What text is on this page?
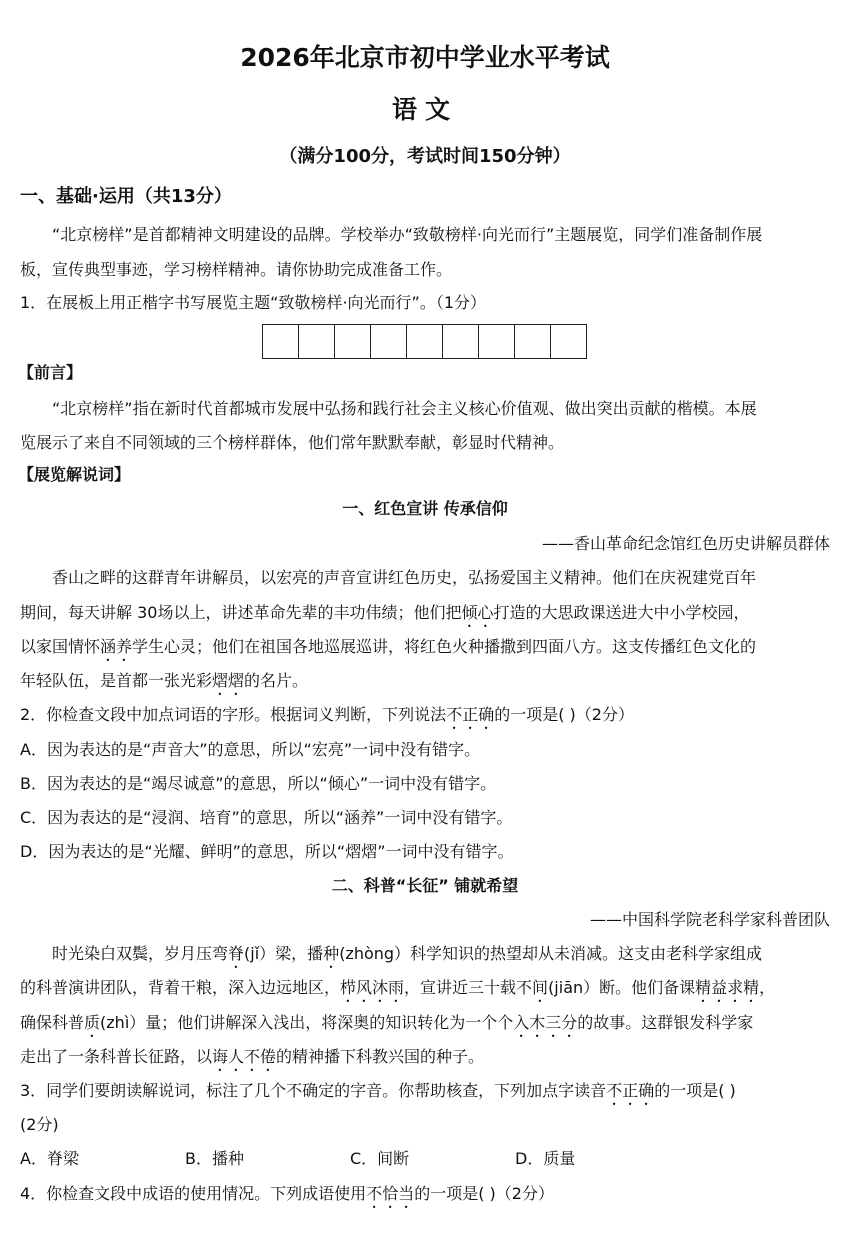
2026年北京市初中学业水平考试
语文
（满分100分，考试时间150分钟）
一、基础·运用（共13分）
“北京榜样”是首都精神文明建设的品牌。学校举办“致敬榜样·向光而行”主题展览，同学们准备制作展
板，宣传典型事迹，学习榜样精神。请你协助完成准备工作。
1．在展板上用正楷字书写展览主题“致敬榜样·向光而行”。（1分）
【前言】
“北京榜样”指在新时代首都城市发展中弘扬和践行社会主义核心价值观、做出突出贡献的楷模。本展
览展示了来自不同领域的三个榜样群体，他们常年默默奉献，彰显时代精神。
【展览解说词】
一、红色宣讲 传承信仰
——香山革命纪念馆红色历史讲解员群体
香山之畔的这群青年讲解员，以宏亮的声音宣讲红色历史，弘扬爱国主义精神。他们在庆祝建党百年
期间，每天讲解 30场以上，讲述革命先辈的丰功伟绩；他们把倾心打造的大思政课送进大中小学校园，
以家国情怀涵养学生心灵；他们在祖国各地巡展巡讲，将红色火种播撒到四面八方。这支传播红色文化的
年轻队伍，是首都一张光彩熠熠的名片。
2．你检查文段中加点词语的字形。根据词义判断，下列说法不正确的一项是( )（2分）
A．因为表达的是“声音大”的意思，所以“宏亮”一词中没有错字。
B．因为表达的是“竭尽诚意”的意思，所以“倾心”一词中没有错字。
C．因为表达的是“浸润、培育”的意思，所以“涵养”一词中没有错字。
D．因为表达的是“光耀、鲜明”的意思，所以“熠熠”一词中没有错字。
二、科普“长征” 铺就希望
——中国科学院老科学家科普团队
时光染白双鬓，岁月压弯脊(jǐ）梁，播种(zhòng）科学知识的热望却从未消减。这支由老科学家组成
的科普演讲团队，背着干粮，深入边远地区，栉风沐雨，宣讲近三十载不间(jiān）断。他们备课精益求精，
确保科普质(zhì）量；他们讲解深入浅出，将深奥的知识转化为一个个入木三分的故事。这群银发科学家
走出了一条科普长征路，以诲人不倦的精神播下科教兴国的种子。
3．同学们要朗读解说词，标注了几个不确定的字音。你帮助核查，下列加点字读音不正确的一项是( )
(2分)
A．脊梁	B．播种	C．间断	D．质量
4．你检查文段中成语的使用情况。下列成语使用不恰当的一项是( )（2分）
